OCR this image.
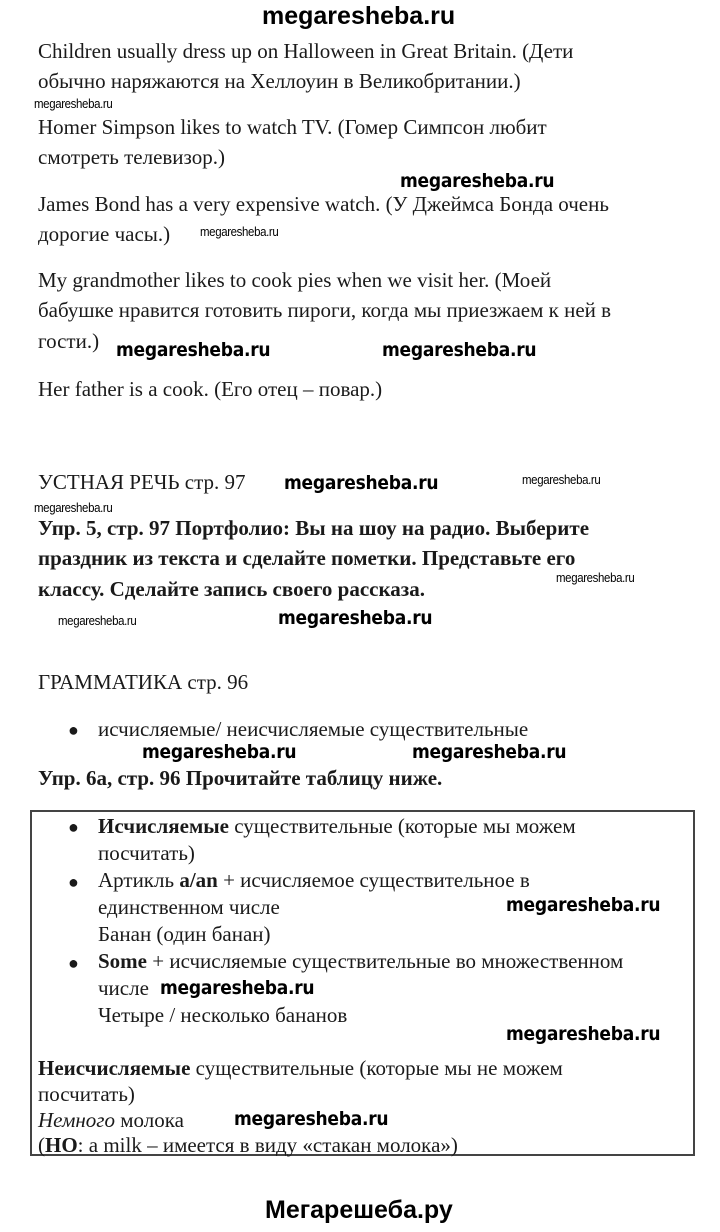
megaresheba.ru
Children usually dress up on Halloween in Great Britain. (Дети
обычно наряжаются на Хеллоуин в Великобритании.)
megaresheba.ru
Homer Simpson likes to watch TV. (Гомер Симпсон любит
смотреть телевизор.)
megaresheba.ru
James Bond has a very expensive watch. (У Джеймса Бонда очень
megaresheba.ru
дорогие часы.)
My grandmother likes to cook pies when we visit her. (Моей
бабушке нравится готовить пироги, когда мы приезжаем к ней в
гости.) megaresheba.ru	megaresheba.ru
Her father is a cook. (Его отец – повар.)
УСТНАЯ РЕЧЬ стр. 97 megaresheba.ru	megaresheba.ru
megaresheba.ru
Упр. 5, стр. 97 Портфолио: Вы на шоу на радио. Выберите
праздник из текста и сделайте пометки. Представьте его
megaresheba.ru
классу. Сделайте запись своего рассказа.
megaresheba.ru	megaresheba.ru
ГРАММАТИКА стр. 96
● исчисляемые/ неисчисляемые существительные
megaresheba.ru	megaresheba.ru
Упр. 6а, стр. 96 Прочитайте таблицу ниже.
● Исчисляемые существительные (которые мы можем
посчитать)
● Артикль a/an + исчисляемое существительное в
единственном числе	megaresheba.ru
Банан (один банан)
● Some + исчисляемые существительные во множественном
числе megaresheba.ru
Четыре / несколько бананов
megaresheba.ru
Неисчисляемые существительные (которые мы не можем
посчитать)
Немного молока	megaresheba.ru
(НО: a milk – имеется в виду «стакан молока»)
Мегарешеба.ру
